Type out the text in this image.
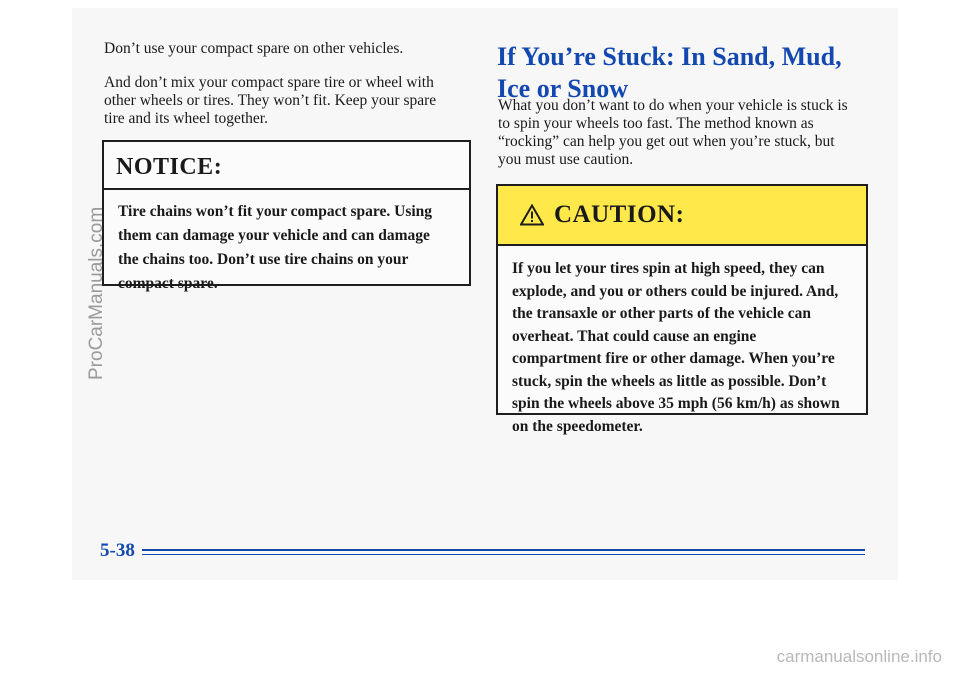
Don’t use your compact spare on other vehicles.

And don’t mix your compact spare tire or wheel with

other wheels or tires. They won’t fit. Keep your spare

tire and its wheel together.

NOTICE:
Tire chains won’t fit your compact spare. Using
them can damage your vehicle and can damage
the chains too. Don’t use tire chains on your
compact spare.

If You’re Stuck: In Sand, Mud,

Ice or Snow

What you don’t want to do when your vehicle is stuck is

to spin your wheels too fast. The method known as

“rocking” can help you get out when you’re stuck, but

you must use caution.

CAUTION:
If you let your tires spin at high speed, they can
explode, and you or others could be injured. And,
the transaxle or other parts of the vehicle can
overheat. That could cause an engine
compartment fire or other damage. When you’re
stuck, spin the wheels as little as possible. Don’t
spin the wheels above 35 mph (56 km/h) as shown
on the speedometer.
5-38
ProCarManuals.com
carmanualsonline.info
